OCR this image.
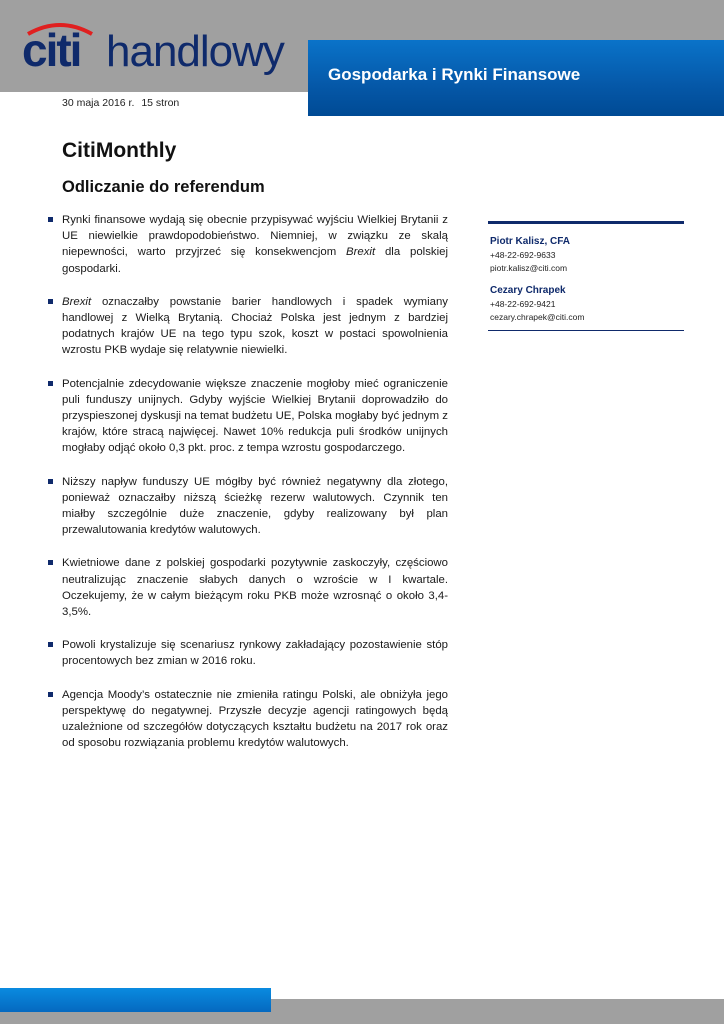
citi handlowy	Gospodarka i Rynki Finansowe
30 maja 2016 r. 15 stron
CitiMonthly
Odliczanie do referendum
Rynki finansowe wydają się obecnie przypisywać wyjściu Wielkiej Brytanii z UE niewielkie prawdopodobieństwo. Niemniej, w związku ze skalą niepewności, warto przyjrzeć się konsekwencjom Brexit dla polskiej gospodarki.
Brexit oznaczałby powstanie barier handlowych i spadek wymiany handlowej z Wielką Brytanią. Chociaż Polska jest jednym z bardziej podatnych krajów UE na tego typu szok, koszt w postaci spowolnienia wzrostu PKB wydaje się relatywnie niewielki.
Potencjalnie zdecydowanie większe znaczenie mogłoby mieć ograniczenie puli funduszy unijnych. Gdyby wyjście Wielkiej Brytanii doprowadziło do przyspieszonej dyskusji na temat budżetu UE, Polska mogłaby być jednym z krajów, które stracą najwięcej. Nawet 10% redukcja puli środków unijnych mogłaby odjąć około 0,3 pkt. proc. z tempa wzrostu gospodarczego.
Niższy napływ funduszy UE mógłby być również negatywny dla złotego, ponieważ oznaczałby niższą ścieżkę rezerw walutowych. Czynnik ten miałby szczególnie duże znaczenie, gdyby realizowany był plan przewalutowania kredytów walutowych.
Kwietniowe dane z polskiej gospodarki pozytywnie zaskoczyły, częściowo neutralizując znaczenie słabych danych o wzroście w I kwartale. Oczekujemy, że w całym bieżącym roku PKB może wzrosnąć o około 3,4-3,5%.
Powoli krystalizuje się scenariusz rynkowy zakładający pozostawienie stóp procentowych bez zmian w 2016 roku.
Agencja Moody’s ostatecznie nie zmieniła ratingu Polski, ale obniżyła jego perspektywę do negatywnej. Przyszłe decyzje agencji ratingowych będą uzależnione od szczegółów dotyczących kształtu budżetu na 2017 rok oraz od sposobu rozwiązania problemu kredytów walutowych.
Piotr Kalisz, CFA
+48-22-692-9633
piotr.kalisz@citi.com
Cezary Chrapek
+48-22-692-9421
cezary.chrapek@citi.com
